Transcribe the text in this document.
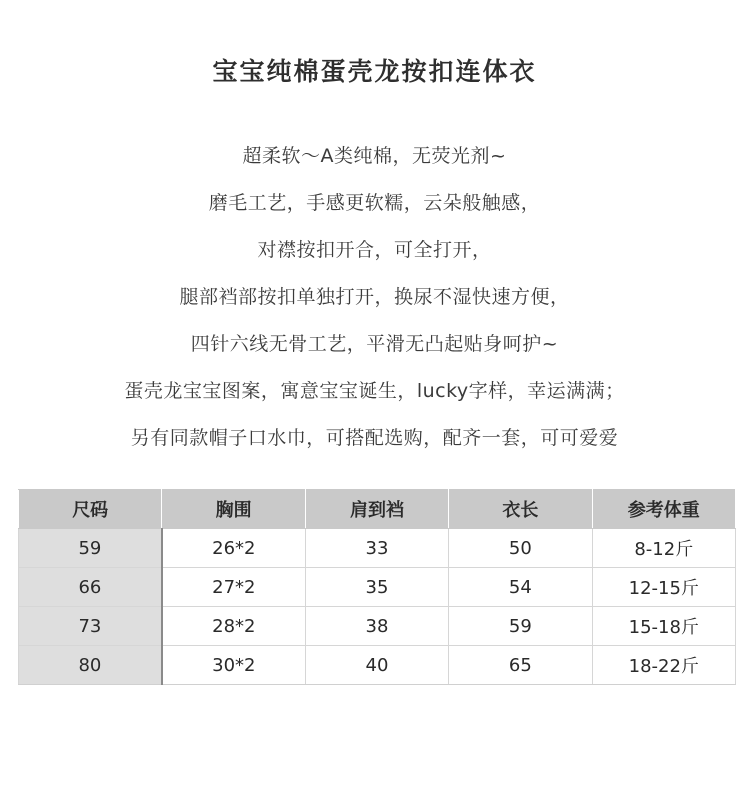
宝宝纯棉蛋壳龙按扣连体衣
超柔软～A类纯棉，无荧光剂~
磨毛工艺，手感更软糯，云朵般触感，
对襟按扣开合，可全打开，
腿部裆部按扣单独打开，换尿不湿快速方便，
四针六线无骨工艺，平滑无凸起贴身呵护~
蛋壳龙宝宝图案，寓意宝宝诞生，lucky字样，幸运满满；
另有同款帽子口水巾，可搭配选购，配齐一套，可可爱爱
尺码	胸围	肩到裆	衣长	参考体重
59	26*2	33	50	8-12斤
66	27*2	35	54	12-15斤
73	28*2	38	59	15-18斤
80	30*2	40	65	18-22斤
